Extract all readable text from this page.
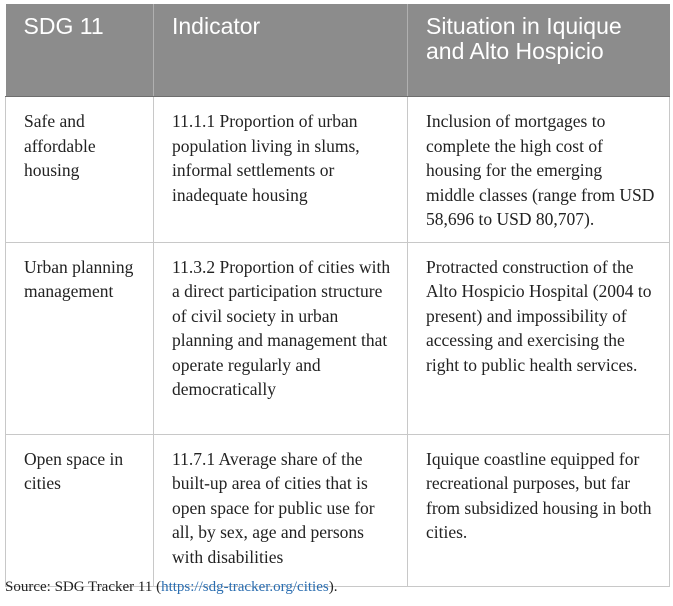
SDG 11	Indicator	Situation in Iquique and Alto Hospicio
Safe and affordable housing	11.1.1 Proportion of urban population living in slums, informal settlements or inadequate housing	Inclusion of mortgages to complete the high cost of housing for the emerging middle classes (range from USD 58,696 to USD 80,707).
Urban planning management	11.3.2 Proportion of cities with a direct participation structure of civil society in urban planning and management that operate regularly and democratically	Protracted construction of the Alto Hospicio Hospital (2004 to present) and impossibility of accessing and exercising the right to public health services.
Open space in cities	11.7.1 Average share of the built-up area of cities that is open space for public use for all, by sex, age and persons with disabilities	Iquique coastline equipped for recreational purposes, but far from subsidized housing in both cities.
Source: SDG Tracker 11 (https://sdg-tracker.org/cities).
